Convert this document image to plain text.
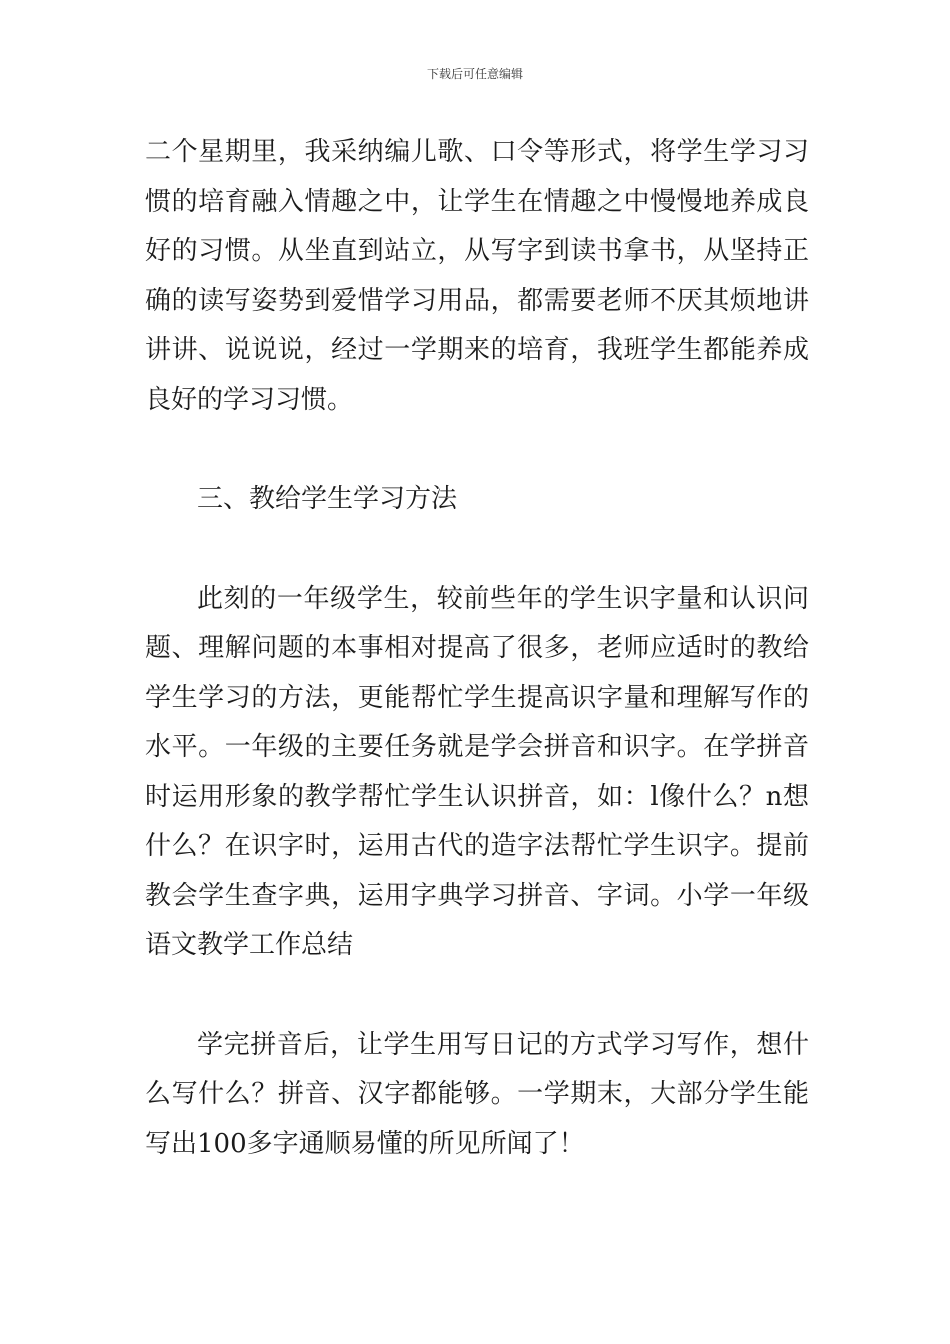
下载后可任意编辑

二个星期里，我采纳编儿歌、口令等形式，将学生学习习惯的培育融入情趣之中，让学生在情趣之中慢慢地养成良好的习惯。从坐直到站立，从写字到读书拿书，从坚持正确的读写姿势到爱惜学习用品，都需要老师不厌其烦地讲讲讲、说说说，经过一学期来的培育，我班学生都能养成良好的学习习惯。

三、教给学生学习方法

此刻的一年级学生，较前些年的学生识字量和认识问题、理解问题的本事相对提高了很多，老师应适时的教给学生学习的方法，更能帮忙学生提高识字量和理解写作的水平。一年级的主要任务就是学会拼音和识字。在学拼音时运用形象的教学帮忙学生认识拼音，如：l像什么？n想什么？在识字时，运用古代的造字法帮忙学生识字。提前教会学生查字典，运用字典学习拼音、字词。小学一年级语文教学工作总结

学完拼音后，让学生用写日记的方式学习写作，想什么写什么？拼音、汉字都能够。一学期末，大部分学生能写出100多字通顺易懂的所见所闻了！
